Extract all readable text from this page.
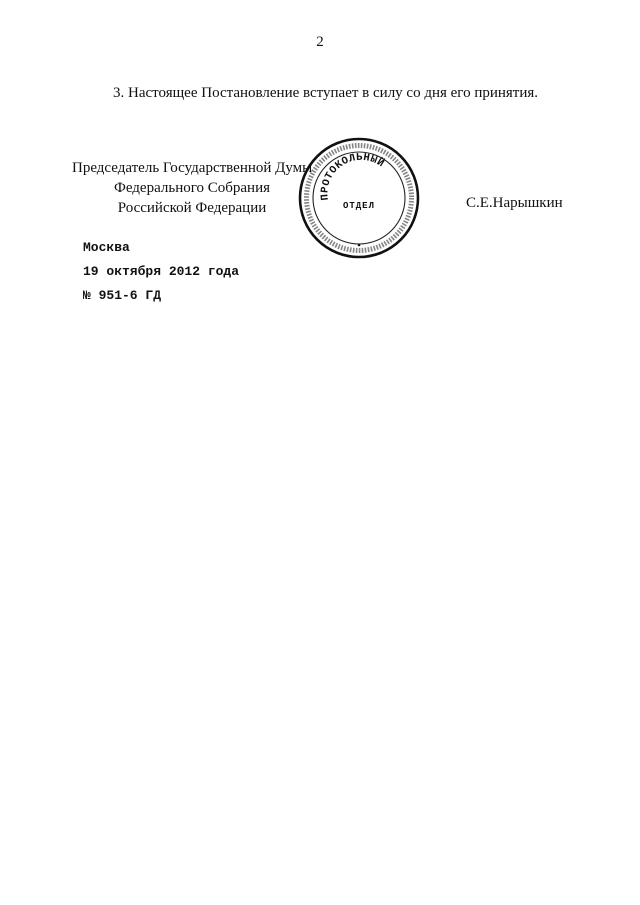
2
3. Настоящее Постановление вступает в силу со дня его принятия.
Председатель Государственной Думы
Федерального Собрания
Российской Федерации	С.Е.Нарышкин
ПРОТОКОЛЬНЫЙ
ОТДЕЛ
Москва
19 октября 2012 года
№ 951-6 ГД
